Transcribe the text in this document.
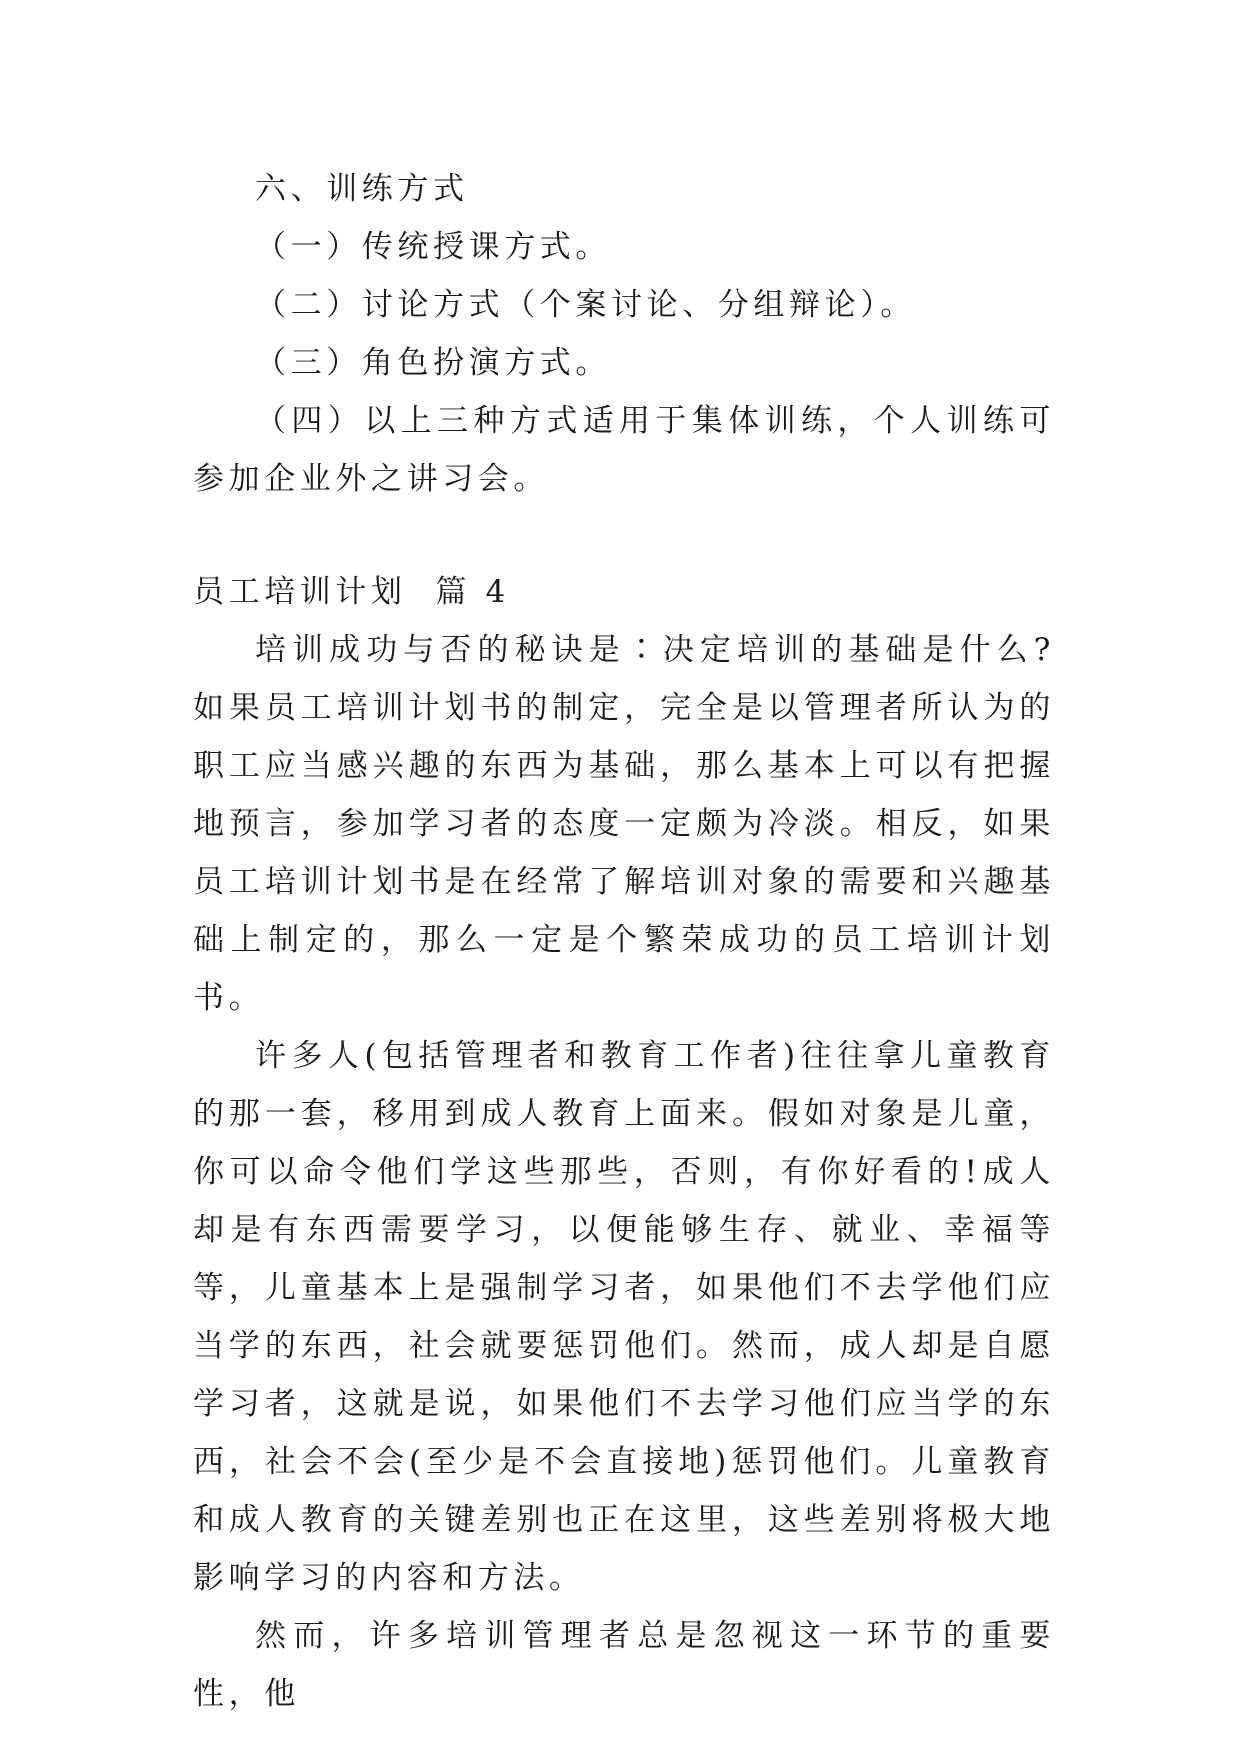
六、训练方式

（一）传统授课方式。

（二）讨论方式（个案讨论、分组辩论）。

（三）角色扮演方式。

（四）以上三种方式适用于集体训练，个人训练可参加企业外之讲习会。

员工培训计划  篇 4

培训成功与否的秘诀是∶决定培训的基础是什么?如果员工培训计划书的制定，完全是以管理者所认为的职工应当感兴趣的东西为基础，那么基本上可以有把握地预言，参加学习者的态度一定颇为冷淡。相反，如果员工培训计划书是在经常了解培训对象的需要和兴趣基础上制定的，那么一定是个繁荣成功的员工培训计划书。

许多人(包括管理者和教育工作者)往往拿儿童教育的那一套，移用到成人教育上面来。假如对象是儿童，你可以命令他们学这些那些，否则，有你好看的!成人却是有东西需要学习，以便能够生存、就业、幸福等等，儿童基本上是强制学习者，如果他们不去学他们应当学的东西，社会就要惩罚他们。然而，成人却是自愿学习者，这就是说，如果他们不去学习他们应当学的东西，社会不会(至少是不会直接地)惩罚他们。儿童教育和成人教育的关键差别也正在这里，这些差别将极大地影响学习的内容和方法。

然而，许多培训管理者总是忽视这一环节的重要性，他
